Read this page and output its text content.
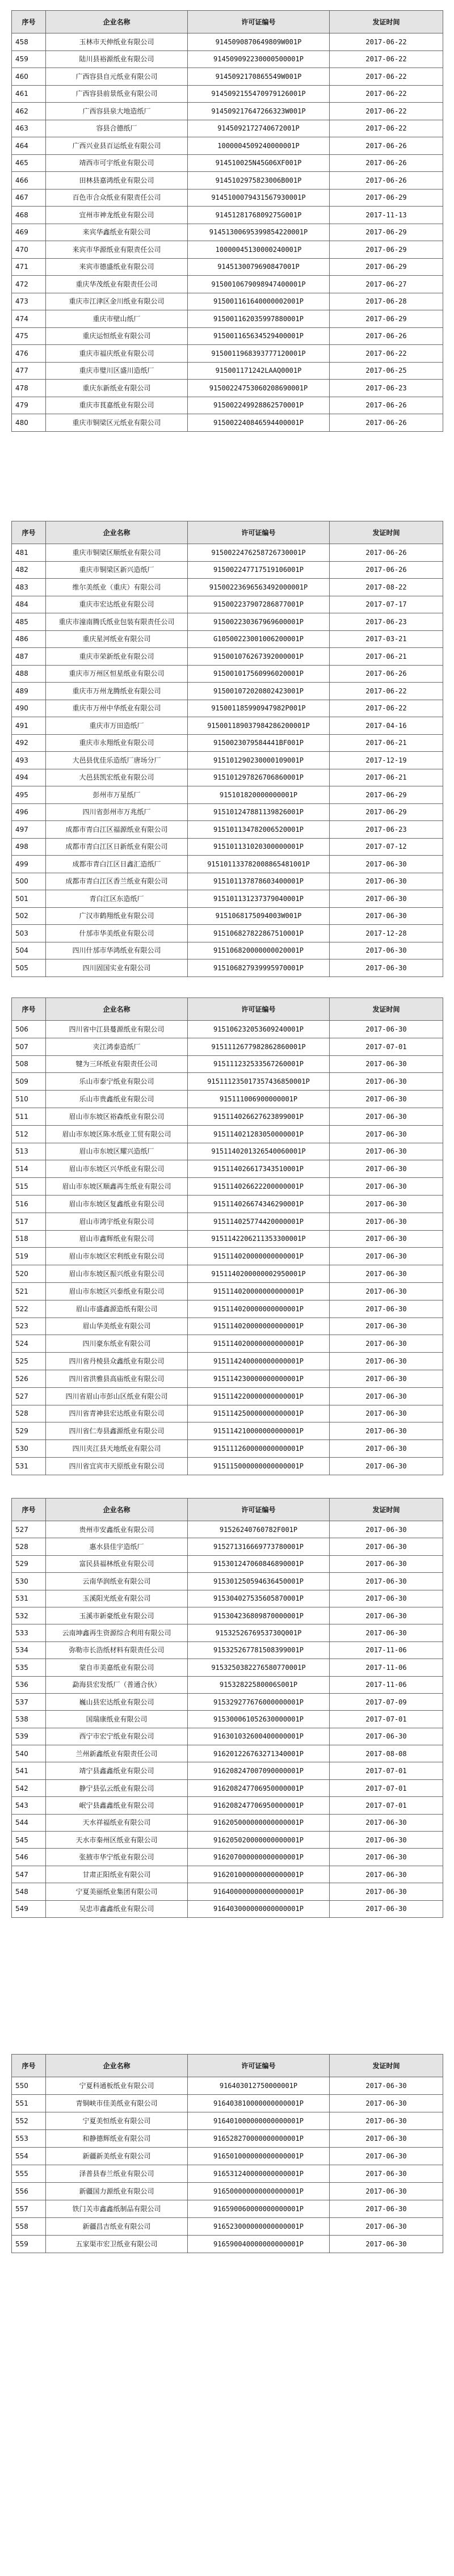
序号	企业名称	许可证编号	发证时间
458	玉林市天伸纸业有限公司	9145090870649809W001P	2017-06-22
459	陆川县裕源纸业有限公司	914509092230000500001P	2017-06-22
460	广西容县自元纸业有限公司	9145092170865549W001P	2017-06-22
461	广西容县前景纸业有限公司	9145092155470979126001P	2017-06-22
462	广西容县泉大地造纸厂	914509217647266323W001P	2017-06-22
463	容县合德纸厂	9145092172740672001P	2017-06-22
464	广西兴业县百运纸业有限公司	1000004509240000001P	2017-06-26
465	靖西市可宇纸业有限公司	914510025N45G06XF001P	2017-06-26
466	田林县嘉鸿纸业有限公司	9145102975823006B001P	2017-06-26
467	百色市合众纸业有限责任公司	9145100079431567930001P	2017-06-29
468	宜州市神龙纸业有限公司	9145128176809275G001P	2017-11-13
469	来宾华鑫纸业有限公司	91451300695399854220001P	2017-06-29
470	来宾市华源纸业有限责任公司	10000045130000240001P	2017-06-29
471	来宾市德盛纸业有限公司	9145130079690847001P	2017-06-29
472	重庆华茂纸业有限责任公司	9150010679098947400001P	2017-06-27
473	重庆市江津区金川纸业有限公司	915001161640000002001P	2017-06-28
474	重庆市壁山纸厂	915001162035997880001P	2017-06-29
475	重庆运恒纸业有限公司	915001165634529400001P	2017-06-26
476	重庆市福庆纸业有限公司	9150011968393777120001P	2017-06-22
477	重庆市璧川区盛川造纸厂	915001171242LAAQ0001P	2017-06-25
478	重庆东新纸业有限公司	91500224753060208690001P	2017-06-23
479	重庆市茛嘉纸业有限公司	915002249928862570001P	2017-06-26
480	重庆市铜梁区元纸业有限公司	915002240846594400001P	2017-06-26
序号	企业名称	许可证编号	发证时间
481	重庆市铜梁区顺纸业有限公司	9150022476258726730001P	2017-06-26
482	重庆市铜梁区新兴造纸厂	915002247717519106001P	2017-06-26
483	维尔美纸业（重庆）有限公司	91500223696563492000001P	2017-08-22
484	重庆市宏达纸业有限公司	915002237907286877001P	2017-07-17
485	重庆市潼南腾氏纸业包装有限责任公司	915002230367969600001P	2017-06-23
486	重庆星河纸业有限公司	G10500223001006200001P	2017-03-21
487	重庆市荣新纸业有限公司	915001076267392000001P	2017-06-21
488	重庆市万州区恒星纸业有限公司	915001017560996020001P	2017-06-26
489	重庆市万州龙腾纸业有限公司	915001072020802423001P	2017-06-22
490	重庆市万州中华纸业有限公司	915001185990947982P001P	2017-06-22
491	重庆市万田造纸厂	915001189037984286200001P	2017-04-16
492	重庆市永翔纸业有限公司	9150023079584441BF001P	2017-06-21
493	大邑县优佳乐造纸厂唐场分厂	915101290230000109001P	2017-12-19
494	大邑县凯宏纸业有限公司	915101297826706860001P	2017-06-21
495	彭州市万星纸厂	915101820000000001P	2017-06-29
496	四川省彭州市万兆纸厂	915101247881139826001P	2017-06-29
497	成都市青白江区福源纸业有限公司	915101134782006520001P	2017-06-23
498	成都市青白江区日新纸业有限公司	915101131020300000001P	2017-07-12
499	成都市青白江区日鑫汇造纸厂	915101133782008865481001P	2017-06-30
500	成都市青白江区香兰纸业有限公司	915101137878603400001P	2017-06-30
501	青白江区东造纸厂	915101131237379040001P	2017-06-30
502	广汉市鹤翔纸业有限公司	9151068175094003W001P	2017-06-30
503	什邡市华美纸业有限公司	915106827822867510001P	2017-12-28
504	四川什邡市华鸿纸业有限公司	915106820000000020001P	2017-06-30
505	四川固国实业有限公司	915106827939995970001P	2017-06-30
序号	企业名称	许可证编号	发证时间
506	四川省中江县蔓源纸业有限公司	915106232053609240001P	2017-06-30
507	夹江鸿泰造纸厂	9151112677982862860001P	2017-07-01
508	犍为三环纸业有限责任公司	915111232533567260001P	2017-06-30
509	乐山市泰宁纸业有限公司	915111235017357436850001P	2017-06-30
510	乐山市贵鑫纸业有限公司	915111006900000001P	2017-06-30
511	眉山市东坡区裕森纸业有限公司	915114026627623899001P	2017-06-30
512	眉山市东坡区陈水纸业工贸有限公司	915114021283050000001P	2017-06-30
513	眉山市东坡区耀兴造纸厂	9151140201326540060001P	2017-06-30
514	眉山市东坡区兴华纸业有限公司	915114026617343510001P	2017-06-30
515	眉山市东坡区顺鑫再生纸业有限公司	915114026622200000001P	2017-06-30
516	眉山市东坡区复鑫纸业有限公司	915114026674346290001P	2017-06-30
517	眉山市鸿宇纸业有限公司	915114025774420000001P	2017-06-30
518	眉山市鑫辉纸业有限公司	9151142206211353300001P	2017-06-30
519	眉山市东坡区宏利纸业有限公司	915114020000000000001P	2017-06-30
520	眉山市东坡区振兴纸业有限公司	9151140200000002950001P	2017-06-30
521	眉山市东坡区兴泰纸业有限公司	915114020000000000001P	2017-06-30
522	眉山市盛鑫源造纸有限公司	915114020000000000001P	2017-06-30
523	眉山华美纸业有限公司	915114020000000000001P	2017-06-30
524	四川豪东纸业有限公司	915114020000000000001P	2017-06-30
525	四川省丹棱县众鑫纸业有限公司	915114240000000000001P	2017-06-30
526	四川省洪雅县高庙纸业有限公司	915114230000000000001P	2017-06-30
527	四川省眉山市彭山区纸业有限公司	915114220000000000001P	2017-06-30
528	四川省青神县宏达纸业有限公司	915114250000000000001P	2017-06-30
529	四川省仁寿县鑫源纸业有限公司	915114210000000000001P	2017-06-30
530	四川夹江县天地纸业有限公司	915111260000000000001P	2017-06-30
531	四川省宜宾市天原纸业有限公司	915115000000000000001P	2017-06-30
序号	企业名称	许可证编号	发证时间
527	贵州市安鑫纸业有限公司	91526240760782F001P	2017-06-30
528	惠水县佳宇造纸厂	915271316669773780001P	2017-06-30
529	富民县福林纸业有限公司	915301247060846890001P	2017-06-30
530	云南华润纸业有限公司	915301250594636450001P	2017-06-30
531	玉溪阳光纸业有限公司	915304027535605870001P	2017-06-30
532	玉溪市新豪纸业有限公司	915304236809870000001P	2017-06-30
533	云南坤鑫再生资源综合利用有限公司	9153252676953730Q001P	2017-06-30
534	弥勒市长浩纸材料有限责任公司	915325267781508399001P	2017-11-06
535	蒙自市美嘉纸业有限公司	9153250382276580770001P	2017-11-06
536	勐海县宏发纸厂（普通合伙）	91532822580006S001P	2017-11-06
537	巍山县宏达纸业有限公司	915329277676000000001P	2017-07-09
538	国瑞康纸业有限公司	915300061052630000001P	2017-07-01
539	西宁市宏宁纸业有限公司	916301032600400000001P	2017-06-30
540	兰州新鑫纸业有限责任公司	916201226763271340001P	2017-08-08
541	靖宁县鑫鑫纸业有限公司	916208247007090000001P	2017-07-01
542	静宁县弘云纸业有限公司	916208247706950000001P	2017-07-01
543	岷宁县鑫鑫纸业有限公司	916208247706950000001P	2017-07-01
544	天水祥福纸业有限公司	916205000000000000001P	2017-06-30
545	天水市秦州区纸业有限公司	916205020000000000001P	2017-06-30
546	张掖市华宁纸业有限公司	916207000000000000001P	2017-06-30
547	甘肃正阳纸业有限公司	916201000000000000001P	2017-06-30
548	宁夏美丽纸业集团有限公司	916400000000000000001P	2017-06-30
549	吴忠市鑫鑫纸业有限公司	916403000000000000001P	2017-06-30
序号	企业名称	许可证编号	发证时间
550	宁夏科通板纸业有限公司	916403012750000001P	2017-06-30
551	青铜峡市佳美纸业有限公司	916403810000000000001P	2017-06-30
552	宁夏美恒纸业有限公司	916401000000000000001P	2017-06-30
553	和静德辉纸业有限公司	916528270000000000001P	2017-06-30
554	新疆新美纸业有限公司	916501000000000000001P	2017-06-30
555	泽普县春兰纸业有限公司	916531240000000000001P	2017-06-30
556	新疆国力源纸业有限公司	916500000000000000001P	2017-06-30
557	铁门关市鑫鑫纸制品有限公司	916590060000000000001P	2017-06-30
558	新疆昌吉纸业有限公司	916523000000000000001P	2017-06-30
559	五家渠市宏卫纸业有限公司	916590040000000000001P	2017-06-30
